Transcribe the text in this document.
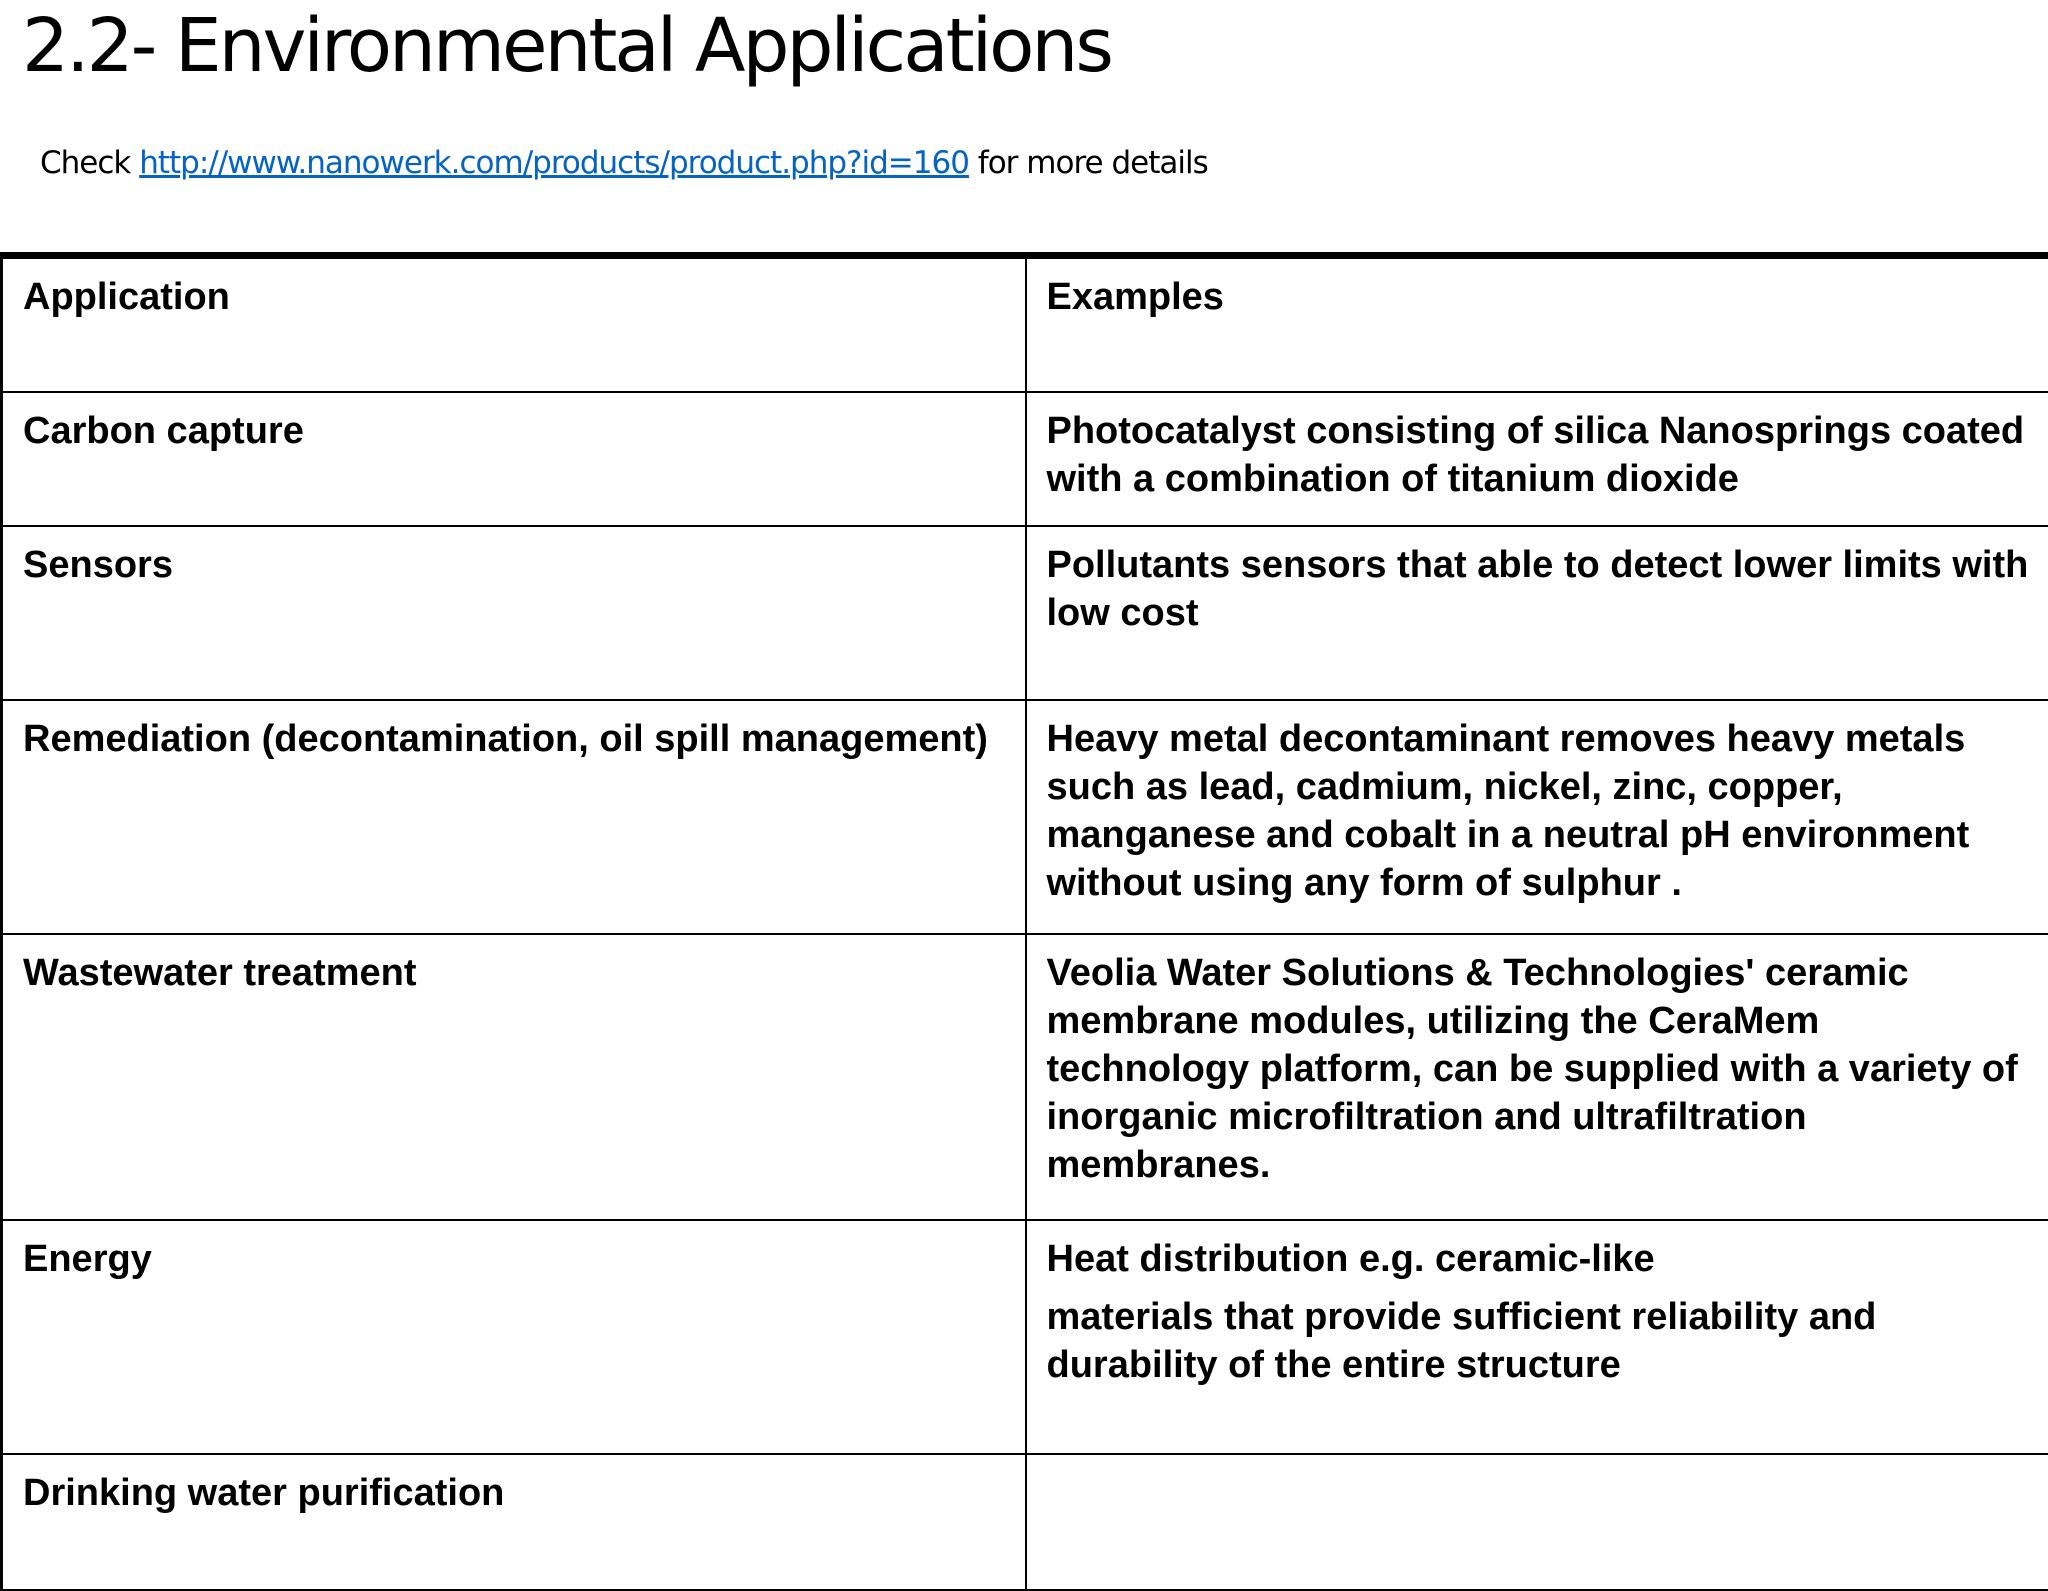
2.2- Environmental Applications
Check http://www.nanowerk.com/products/product.php?id=160 for more details
Application	Examples
Carbon capture	Photocatalyst consisting of silica Nanosprings coated with a combination of titanium dioxide
Sensors	Pollutants sensors that able to detect lower limits with low cost
Remediation (decontamination, oil spill management)	Heavy metal decontaminant removes heavy metals such as lead, cadmium, nickel, zinc, copper, manganese and cobalt in a neutral pH environment without using any form of sulphur .
Wastewater treatment	Veolia Water Solutions & Technologies' ceramic membrane modules, utilizing the CeraMem technology platform, can be supplied with a variety of inorganic microfiltration and ultrafiltration membranes.
Energy	Heat distribution e.g. ceramic-like
materials that provide sufficient reliability and durability of the entire structure

Drinking water purification	
